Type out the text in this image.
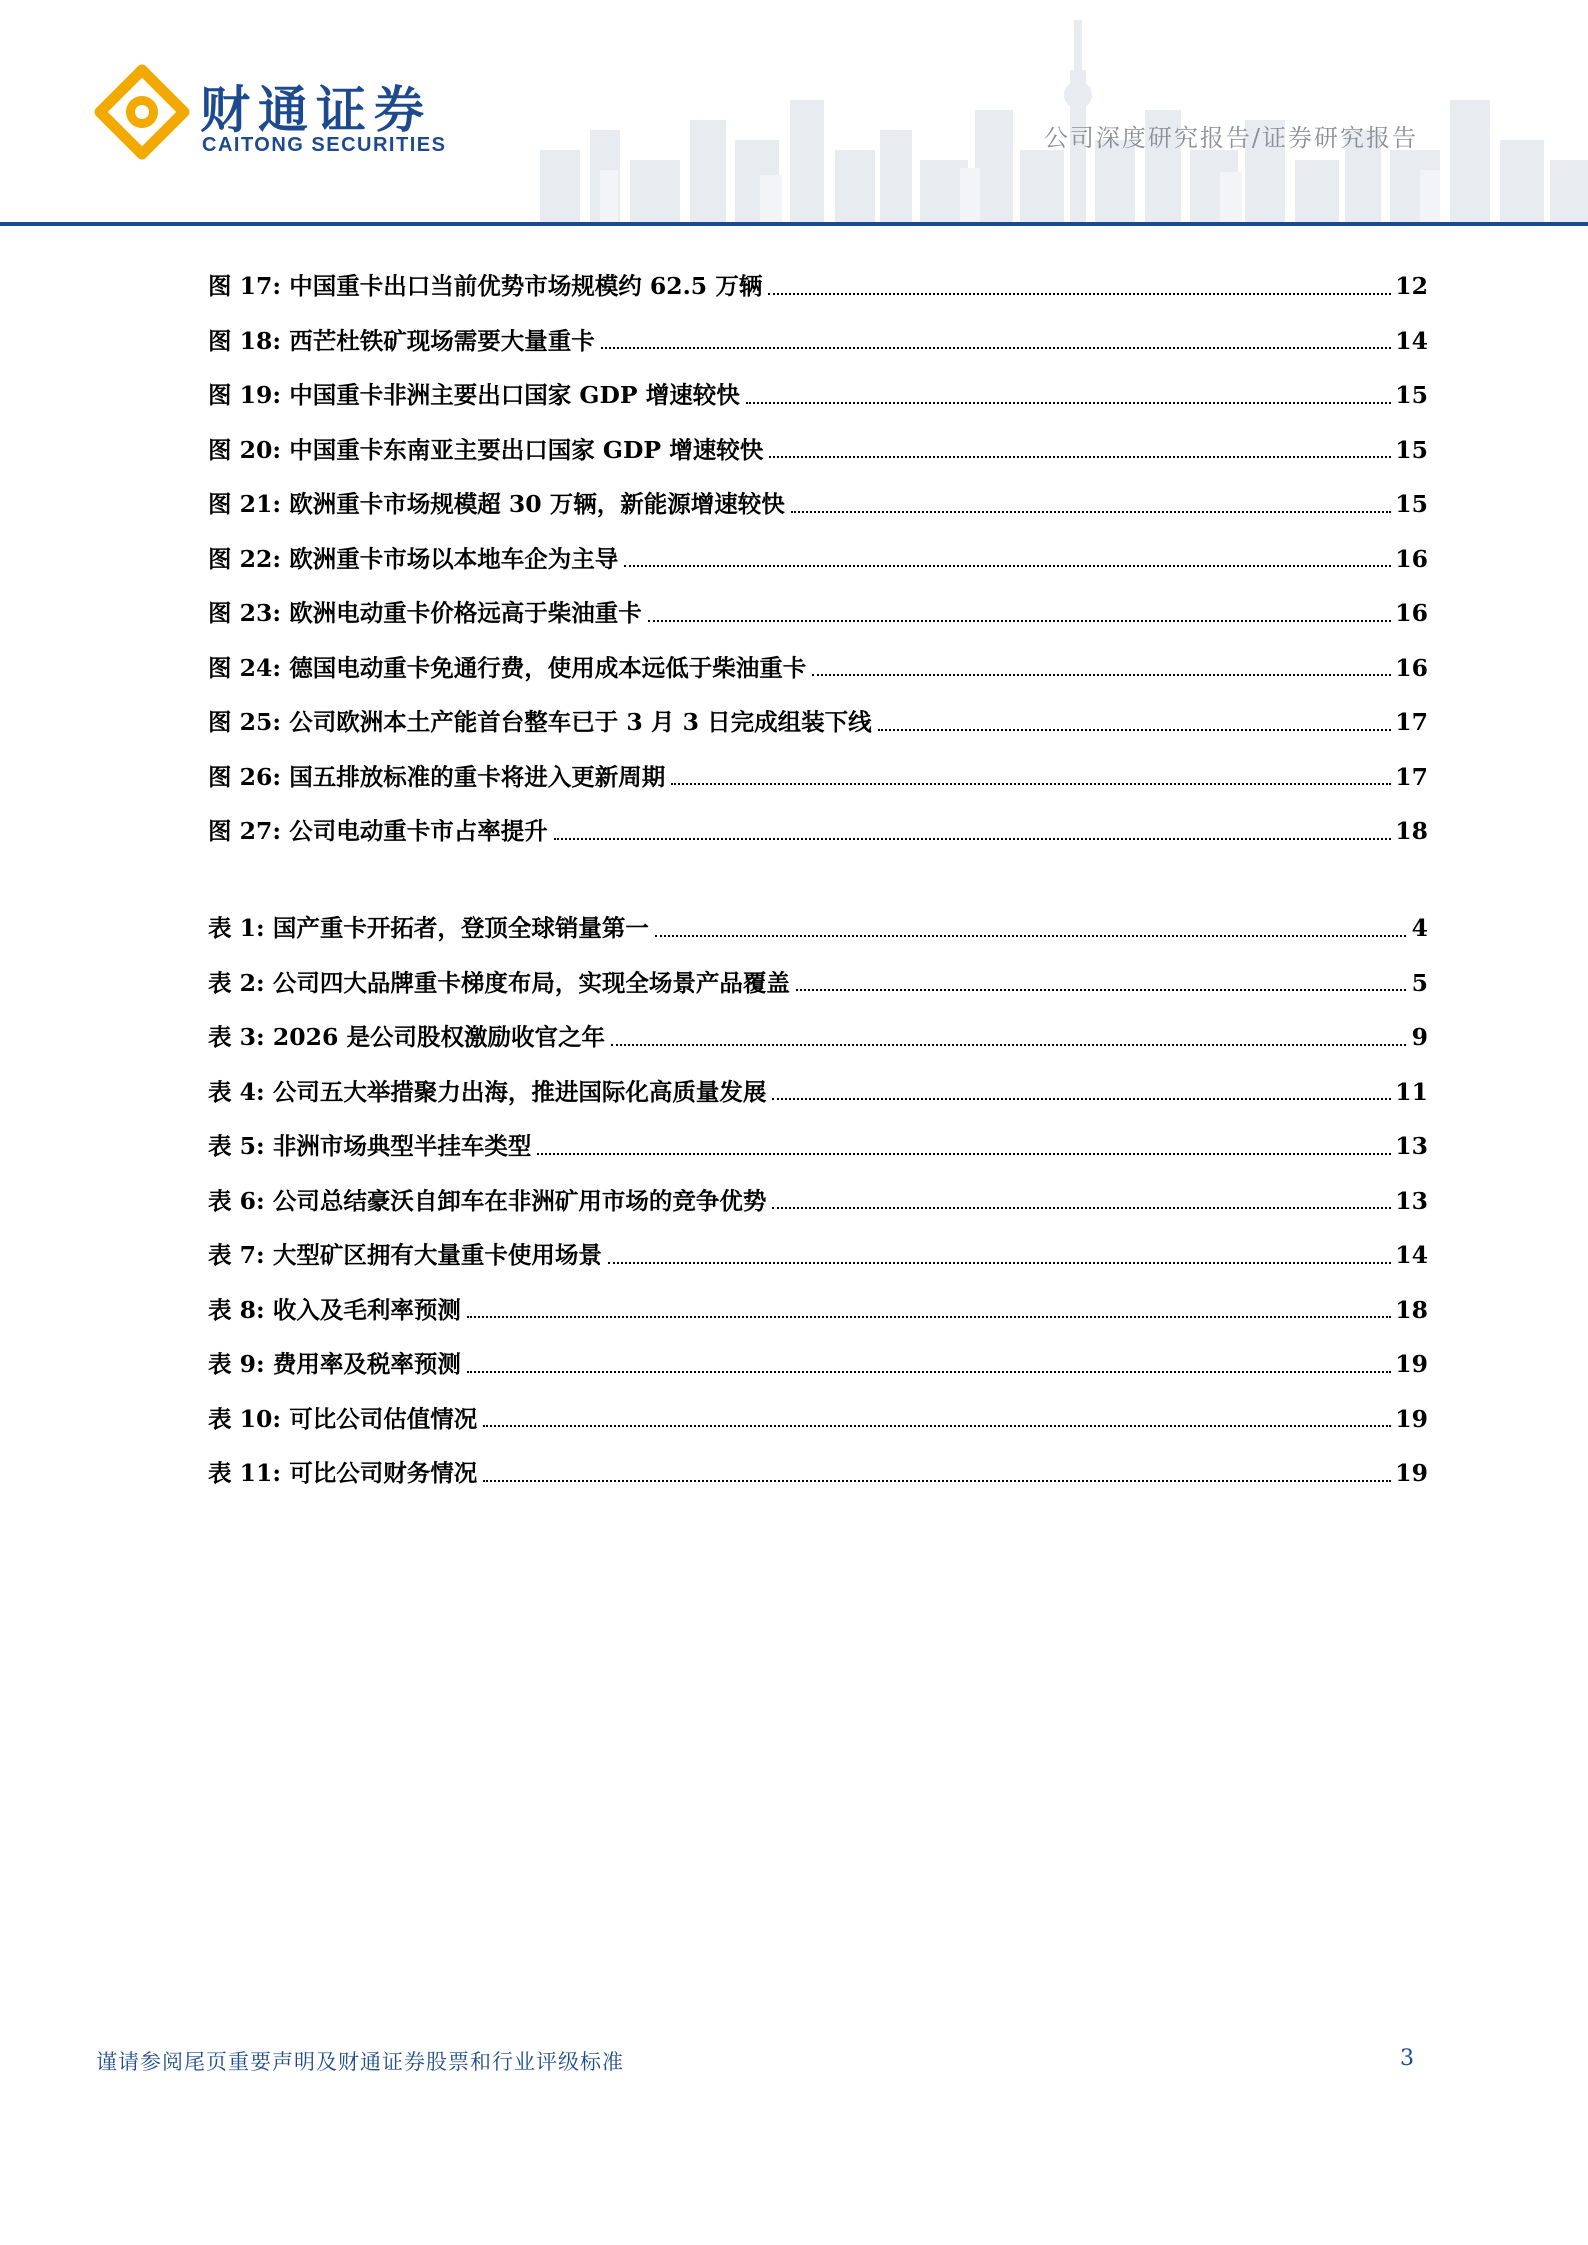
财通证券
CAITONG SECURITIES	公司深度研究报告/证券研究报告
图 17: 中国重卡出口当前优势市场规模约 62.5 万辆	12
图 18: 西芒杜铁矿现场需要大量重卡	14
图 19: 中国重卡非洲主要出口国家 GDP 增速较快	15
图 20: 中国重卡东南亚主要出口国家 GDP 增速较快	15
图 21: 欧洲重卡市场规模超 30 万辆，新能源增速较快	15
图 22: 欧洲重卡市场以本地车企为主导	16
图 23: 欧洲电动重卡价格远高于柴油重卡	16
图 24: 德国电动重卡免通行费，使用成本远低于柴油重卡	16
图 25: 公司欧洲本土产能首台整车已于 3 月 3 日完成组装下线	17
图 26: 国五排放标准的重卡将进入更新周期	17
图 27: 公司电动重卡市占率提升	18
表 1: 国产重卡开拓者，登顶全球销量第一	4
表 2: 公司四大品牌重卡梯度布局，实现全场景产品覆盖	5
表 3: 2026 是公司股权激励收官之年	9
表 4: 公司五大举措聚力出海，推进国际化高质量发展	11
表 5: 非洲市场典型半挂车类型	13
表 6: 公司总结豪沃自卸车在非洲矿用市场的竞争优势	13
表 7: 大型矿区拥有大量重卡使用场景	14
表 8: 收入及毛利率预测	18
表 9: 费用率及税率预测	19
表 10: 可比公司估值情况	19
表 11: 可比公司财务情况	19
谨请参阅尾页重要声明及财通证券股票和行业评级标准	3
